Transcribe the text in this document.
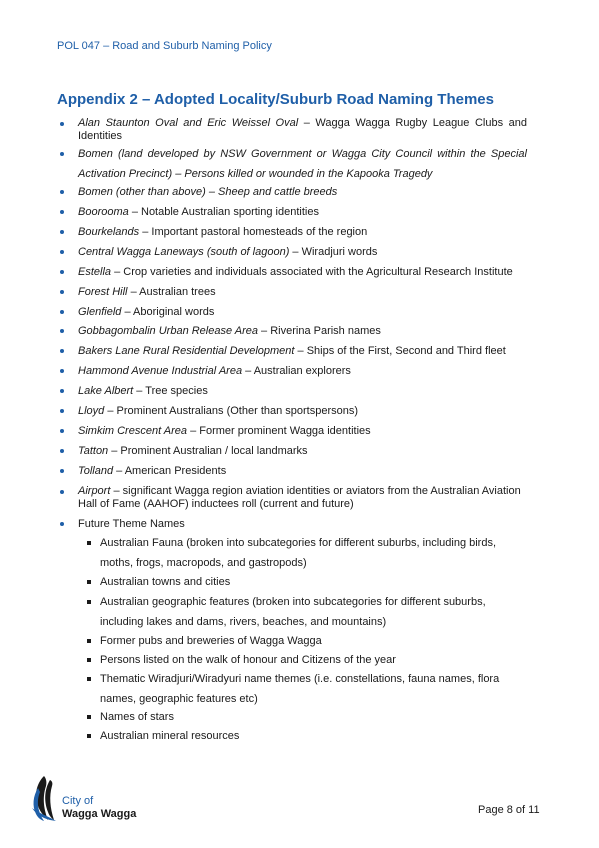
POL 047 – Road and Suburb Naming Policy
Appendix 2 – Adopted Locality/Suburb Road Naming Themes
Alan Staunton Oval and Eric Weissel Oval – Wagga Wagga Rugby League Clubs and Identities
Bomen (land developed by NSW Government or Wagga City Council within the Special Activation Precinct) – Persons killed or wounded in the Kapooka Tragedy
Bomen (other than above) – Sheep and cattle breeds
Boorooma – Notable Australian sporting identities
Bourkelands – Important pastoral homesteads of the region
Central Wagga Laneways (south of lagoon) – Wiradjuri words
Estella – Crop varieties and individuals associated with the Agricultural Research Institute
Forest Hill – Australian trees
Glenfield – Aboriginal words
Gobbagombalin Urban Release Area – Riverina Parish names
Bakers Lane Rural Residential Development – Ships of the First, Second and Third fleet
Hammond Avenue Industrial Area – Australian explorers
Lake Albert – Tree species
Lloyd – Prominent Australians (Other than sportspersons)
Simkim Crescent Area – Former prominent Wagga identities
Tatton – Prominent Australian / local landmarks
Tolland – American Presidents
Airport – significant Wagga region aviation identities or aviators from the Australian Aviation Hall of Fame (AAHOF) inductees roll (current and future)
Future Theme Names
Australian Fauna (broken into subcategories for different suburbs, including birds, moths, frogs, macropods, and gastropods)
Australian towns and cities
Australian geographic features (broken into subcategories for different suburbs, including lakes and dams, rivers, beaches, and mountains)
Former pubs and breweries of Wagga Wagga
Persons listed on the walk of honour and Citizens of the year
Thematic Wiradjuri/Wiradyuri name themes (i.e. constellations, fauna names, flora names, geographic features etc)
Names of stars
Australian mineral resources
City of
Wagga Wagga	Page 8 of 11
